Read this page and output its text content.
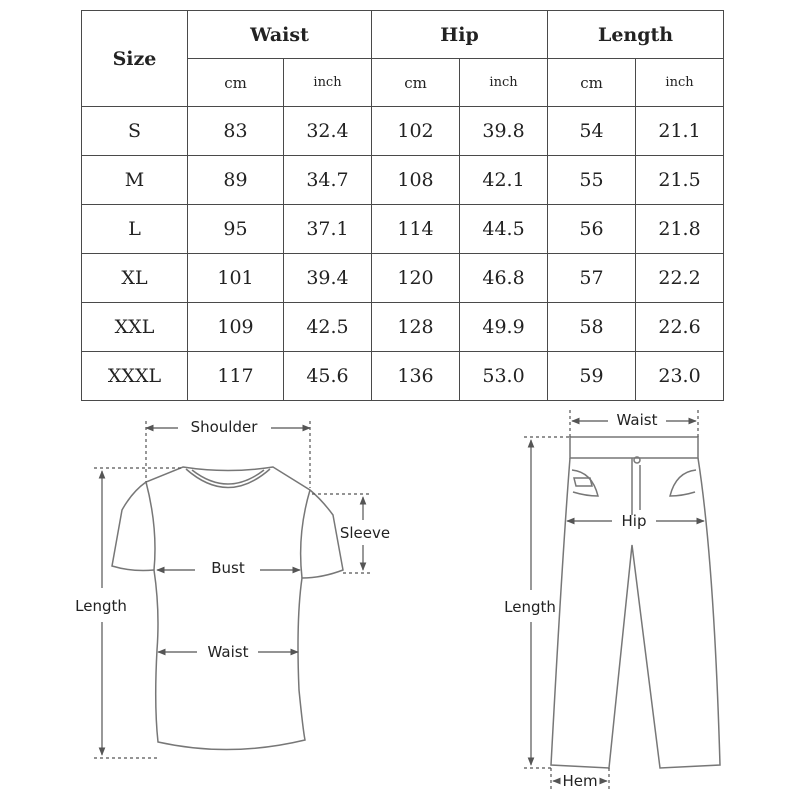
Size	Waist		Hip		Length	
	cm	inch	cm	inch	cm	inch
S	83	32.4	102	39.8	54	21.1
M	89	34.7	108	42.1	55	21.5
L	95	37.1	114	44.5	56	21.8
XL	101	39.4	120	46.8	57	22.2
XXL	109	42.5	128	49.9	58	22.6
XXXL	117	45.6	136	53.0	59	23.0
Shoulder
Sleeve
Bust
Length
Waist
Waist
Hip
Length
Hem
